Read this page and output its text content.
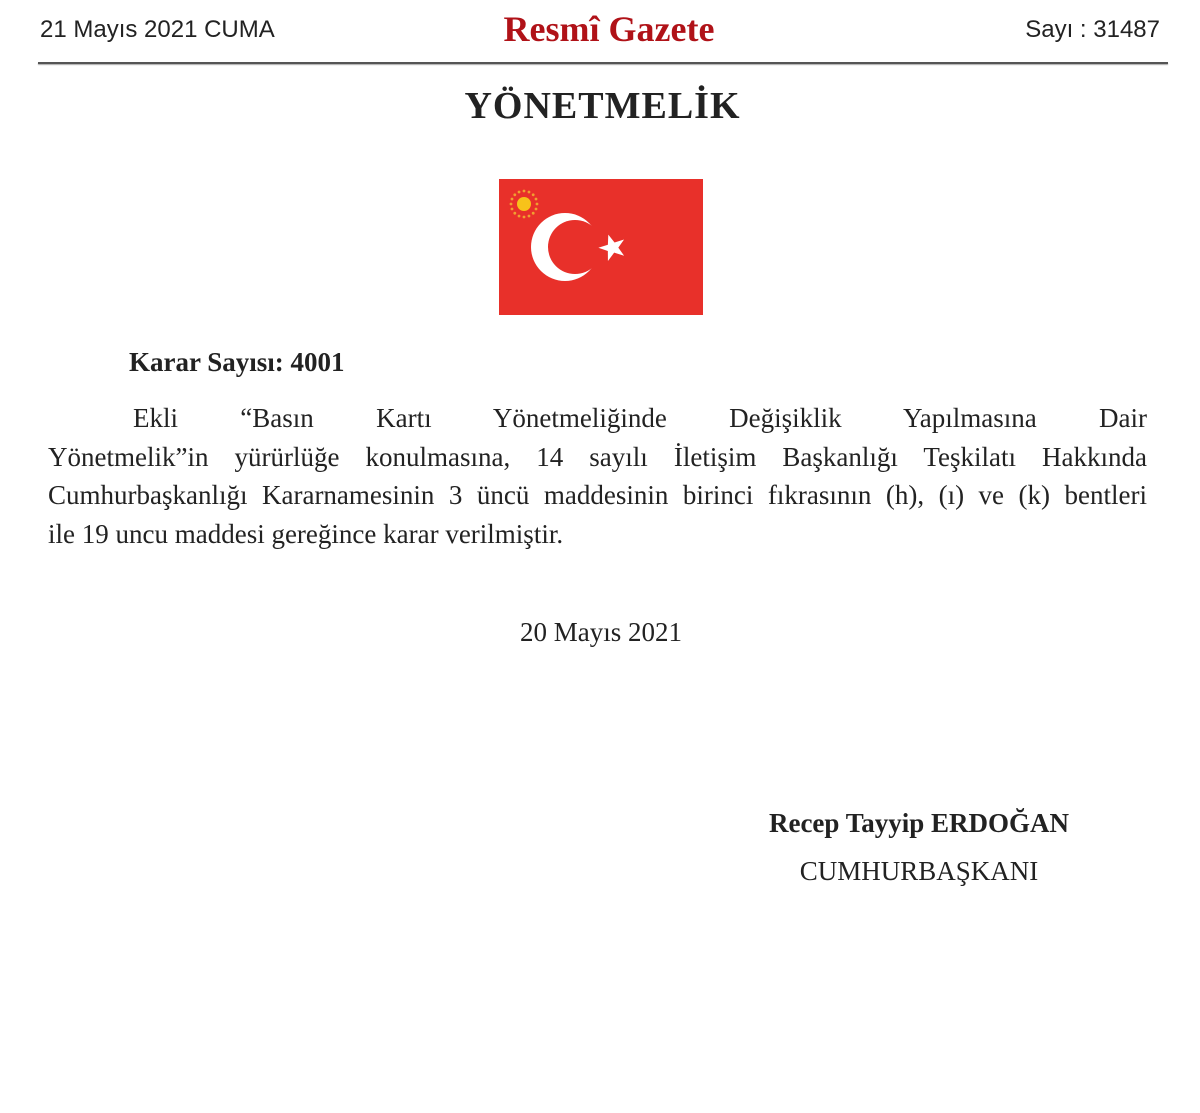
21 Mayıs 2021 CUMA	Resmî Gazete	Sayı : 31487
YÖNETMELİK
Karar Sayısı: 4001
Ekli “Basın Kartı Yönetmeliğinde Değişiklik Yapılmasına Dair
Yönetmelik”in yürürlüğe konulmasına, 14 sayılı İletişim Başkanlığı Teşkilatı Hakkında
Cumhurbaşkanlığı Kararnamesinin 3 üncü maddesinin birinci fıkrasının (h), (ı) ve (k) bentleri
ile 19 uncu maddesi gereğince karar verilmiştir.
20 Mayıs 2021
Recep Tayyip ERDOĞAN
CUMHURBAŞKANI
